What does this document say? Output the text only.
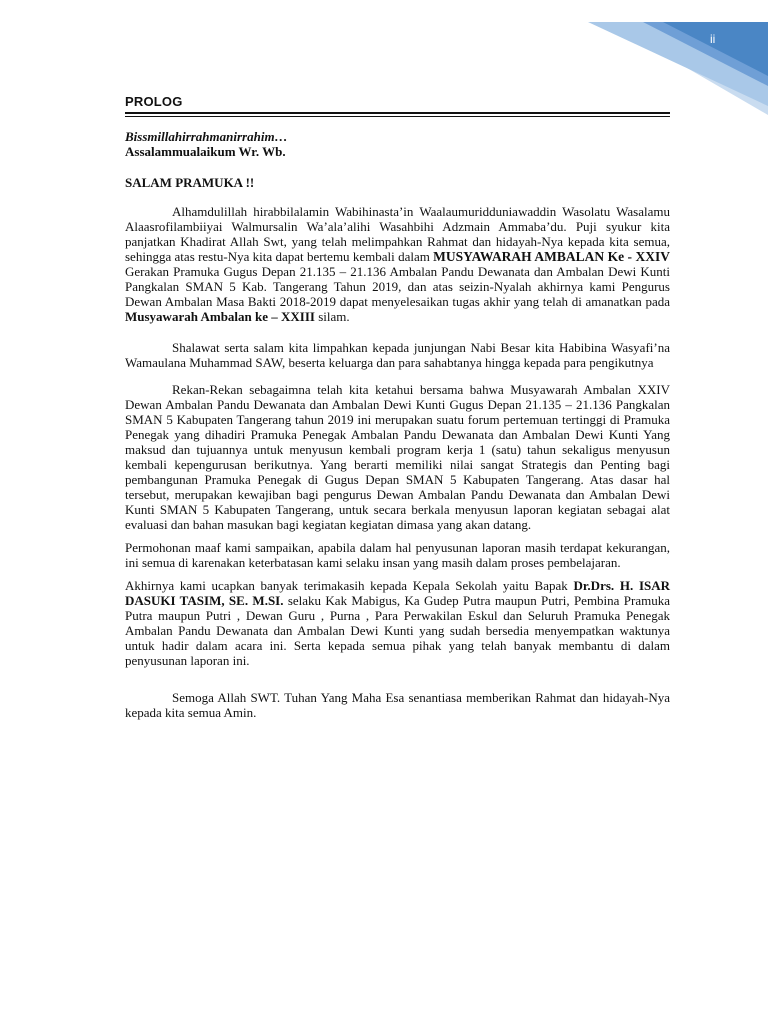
ii
PROLOG
Bissmillahirrahmanirrahim…
Assalammualaikum Wr. Wb.
SALAM PRAMUKA !!

Alhamdulillah hirabbilalamin Wabihinasta’in Waalaumuridduniawaddin Wasolatu Wasalamu Alaasrofilambiiyai Walmursalin Wa’ala’alihi Wasahbihi Adzmain Ammaba’du. Puji syukur kita panjatkan Khadirat Allah Swt, yang telah melimpahkan Rahmat dan hidayah-Nya kepada kita semua, sehingga atas restu-Nya kita dapat bertemu kembali dalam MUSYAWARAH AMBALAN Ke - XXIV Gerakan Pramuka Gugus Depan 21.135 – 21.136 Ambalan Pandu Dewanata dan Ambalan Dewi Kunti Pangkalan SMAN 5 Kab. Tangerang Tahun 2019, dan atas seizin-Nyalah akhirnya kami Pengurus Dewan Ambalan Masa Bakti 2018-2019 dapat menyelesaikan tugas akhir yang telah di amanatkan pada Musyawarah Ambalan ke – XXIII silam.

Shalawat serta salam kita limpahkan kepada junjungan Nabi Besar kita Habibina Wasyafi’na Wamaulana Muhammad SAW, beserta keluarga dan para sahabtanya hingga kepada para pengikutnya

Rekan-Rekan sebagaimna telah kita ketahui bersama bahwa Musyawarah Ambalan XXIV Dewan Ambalan Pandu Dewanata dan Ambalan Dewi Kunti Gugus Depan 21.135 – 21.136 Pangkalan SMAN 5 Kabupaten Tangerang tahun 2019 ini merupakan suatu forum pertemuan tertinggi di Pramuka Penegak yang dihadiri Pramuka Penegak Ambalan Pandu Dewanata dan Ambalan Dewi Kunti Yang maksud dan tujuannya untuk menyusun kembali program kerja 1 (satu) tahun sekaligus menyusun kembali kepengurusan berikutnya. Yang berarti memiliki nilai sangat Strategis dan Penting bagi pembangunan Pramuka Penegak di Gugus Depan SMAN 5 Kabupaten Tangerang. Atas dasar hal tersebut, merupakan kewajiban bagi pengurus Dewan Ambalan Pandu Dewanata dan Ambalan Dewi Kunti SMAN 5 Kabupaten Tangerang, untuk secara berkala menyusun laporan kegiatan sebagai alat evaluasi dan bahan masukan bagi kegiatan kegiatan dimasa yang akan datang.

Permohonan maaf kami sampaikan, apabila dalam hal penyusunan laporan masih terdapat kekurangan, ini semua di karenakan keterbatasan kami selaku insan yang masih dalam proses pembelajaran.

Akhirnya kami ucapkan banyak terimakasih kepada Kepala Sekolah yaitu Bapak Dr.Drs. H. ISAR DASUKI TASIM, SE. M.SI. selaku Kak Mabigus, Ka Gudep Putra maupun Putri, Pembina Pramuka Putra maupun Putri , Dewan Guru , Purna , Para Perwakilan Eskul dan Seluruh Pramuka Penegak Ambalan Pandu Dewanata dan Ambalan Dewi Kunti yang sudah bersedia menyempatkan waktunya untuk hadir dalam acara ini. Serta kepada semua pihak yang telah banyak membantu di dalam penyusunan laporan ini.

Semoga Allah SWT. Tuhan Yang Maha Esa senantiasa memberikan Rahmat dan hidayah-Nya kepada kita semua Amin.
